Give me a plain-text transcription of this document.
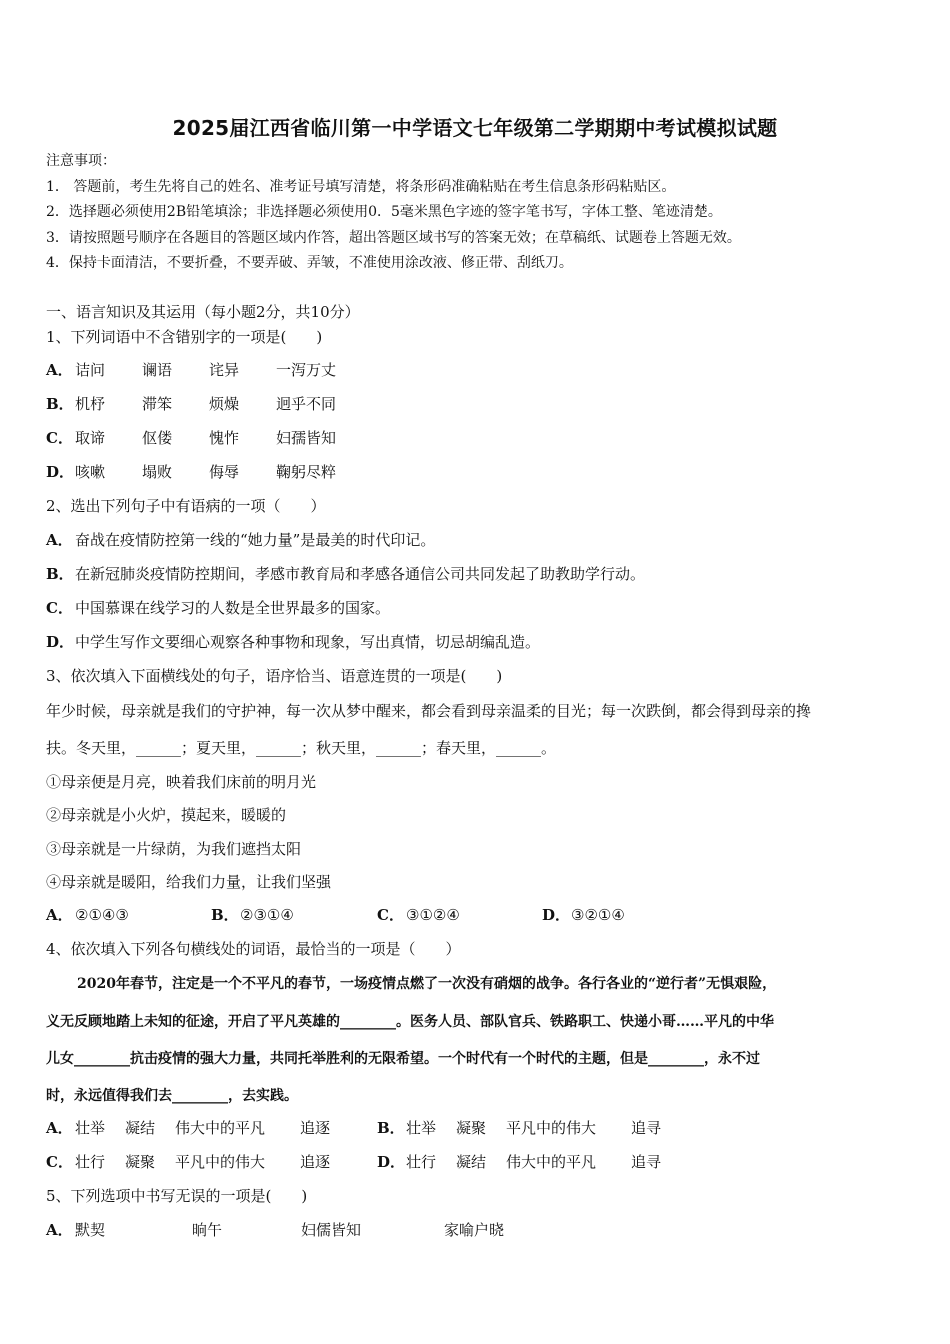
2025届江西省临川第一中学语文七年级第二学期期中考试模拟试题
注意事项：
1． 答题前，考生先将自己的姓名、准考证号填写清楚，将条形码准确粘贴在考生信息条形码粘贴区。
2．选择题必须使用2B铅笔填涂；非选择题必须使用0．5毫米黑色字迹的签字笔书写，字体工整、笔迹清楚。
3．请按照题号顺序在各题目的答题区域内作答，超出答题区域书写的答案无效；在草稿纸、试题卷上答题无效。
4．保持卡面清洁，不要折叠，不要弄破、弄皱，不准使用涂改液、修正带、刮纸刀。
一、语言知识及其运用（每小题2分，共10分）
1、下列词语中不含错别字的一项是(　　)
A． 诘问 谰语 诧异 一泻万丈
B． 机杼 滞笨 烦燥 迥乎不同
C． 取谛 伛偻 愧怍 妇孺皆知
D． 咳嗽 塌败 侮辱 鞠躬尽粹
2、选出下列句子中有语病的一项（　　）
A． 奋战在疫情防控第一线的“她力量”是最美的时代印记。
B． 在新冠肺炎疫情防控期间，孝感市教育局和孝感各通信公司共同发起了助教助学行动。
C． 中国慕课在线学习的人数是全世界最多的国家。
D． 中学生写作文要细心观察各种事物和现象，写出真情，切忌胡编乱造。
3、依次填入下面横线处的句子，语序恰当、语意连贯的一项是(　　)
年少时候，母亲就是我们的守护神，每一次从梦中醒来，都会看到母亲温柔的目光；每一次跌倒，都会得到母亲的搀
扶。冬天里，______；夏天里，______；秋天里，______；春天里，______。
①母亲便是月亮，映着我们床前的明月光
②母亲就是小火炉，摸起来，暖暖的
③母亲就是一片绿荫，为我们遮挡太阳
④母亲就是暖阳，给我们力量，让我们坚强
A． ②①④③	B． ②③①④	C． ③①②④	D． ③②①④
4、依次填入下列各句横线处的词语，最恰当的一项是（　　）
2020年春节，注定是一个不平凡的春节，一场疫情点燃了一次没有硝烟的战争。各行各业的“逆行者”无惧艰险，
义无反顾地踏上未知的征途，开启了平凡英雄的________。医务人员、部队官兵、铁路职工、快递小哥……平凡的中华
儿女________抗击疫情的强大力量，共同托举胜利的无限希望。一个时代有一个时代的主题，但是________，永不过
时，永远值得我们去________，去实践。
A． 壮举 凝结 伟大中的平凡 追逐	B． 壮举 凝聚 平凡中的伟大 追寻
C． 壮行 凝聚 平凡中的伟大 追逐	D． 壮行 凝结 伟大中的平凡 追寻
5、下列选项中书写无误的一项是(　　)
A． 默契	晌午	妇儒皆知	家喻户晓
